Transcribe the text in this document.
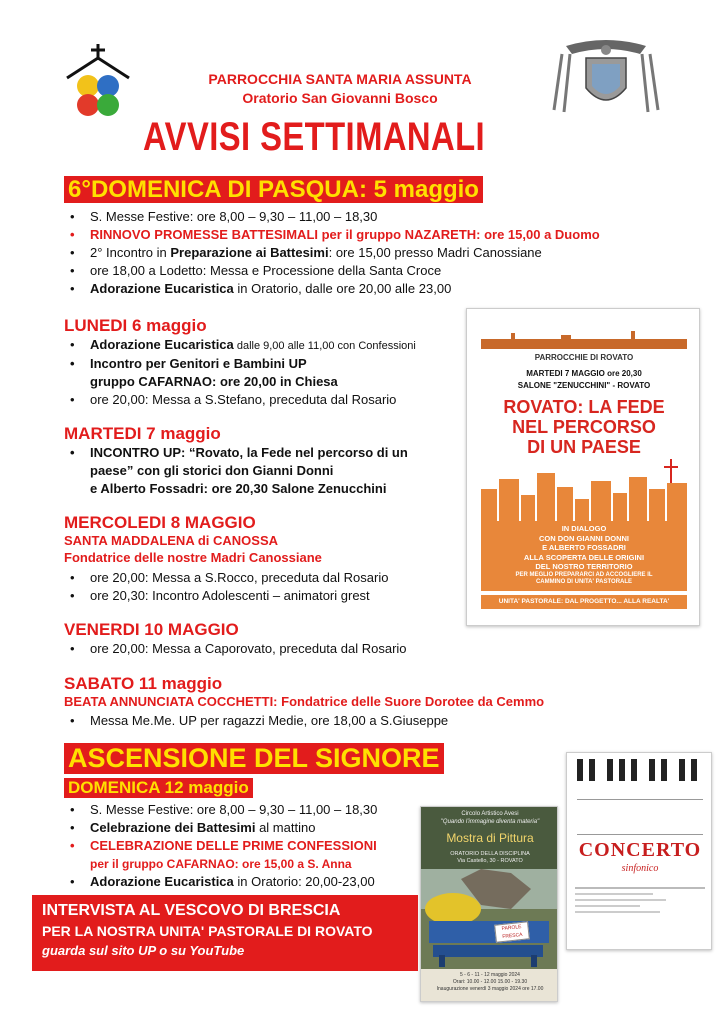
PARROCCHIA SANTA MARIA ASSUNTA
Oratorio San Giovanni Bosco
AVVISI SETTIMANALI
6°DOMENICA DI PASQUA: 5 maggio
• S. Messe Festive: ore 8,00 – 9,30 – 11,00 – 18,30
• RINNOVO PROMESSE BATTESIMALI per il gruppo NAZARETH: ore 15,00 a Duomo
• 2° Incontro in Preparazione ai Battesimi: ore 15,00 presso Madri Canossiane
• ore 18,00 a Lodetto: Messa e Processione della Santa Croce
• Adorazione Eucaristica in Oratorio, dalle ore 20,00 alle 23,00
LUNEDI 6 maggio
• Adorazione Eucaristica dalle 9,00 alle 11,00 con Confessioni
• Incontro per Genitori e Bambini UP
gruppo CAFARNAO: ore 20,00 in Chiesa
• ore 20,00: Messa a S.Stefano, preceduta dal Rosario
MARTEDI 7 maggio
• INCONTRO UP: “Rovato, la Fede nel percorso di un
paese” con gli storici don Gianni Donni
e Alberto Fossadri: ore 20,30 Salone Zenucchini
MERCOLEDI 8 MAGGIO
SANTA MADDALENA di CANOSSA
Fondatrice delle nostre Madri Canossiane
• ore 20,00: Messa a S.Rocco, preceduta dal Rosario
• ore 20,30: Incontro Adolescenti – animatori grest
VENERDI 10 MAGGIO
• ore 20,00: Messa a Caporovato, preceduta dal Rosario
SABATO 11 maggio
BEATA ANNUNCIATA COCCHETTI: Fondatrice delle Suore Dorotee da Cemmo
• Messa Me.Me. UP per ragazzi Medie, ore 18,00 a S.Giuseppe
ASCENSIONE DEL SIGNORE
DOMENICA 12 maggio
• S. Messe Festive: ore 8,00 – 9,30 – 11,00 – 18,30
• Celebrazione dei Battesimi al mattino
• CELEBRAZIONE DELLE PRIME CONFESSIONI
per il gruppo CAFARNAO: ore 15,00 a S. Anna
• Adorazione Eucaristica in Oratorio: 20,00-23,00
INTERVISTA AL VESCOVO DI BRESCIA
PER LA NOSTRA UNITA' PASTORALE DI ROVATO
guarda sul sito UP o su YouTube
PARROCCHIE DI ROVATO
MARTEDI 7 MAGGIO ore 20,30
SALONE "ZENUCCHINI" - ROVATO
ROVATO: LA FEDE
NEL PERCORSO
DI UN PAESE
IN DIALOGO
CON DON GIANNI DONNI
E ALBERTO FOSSADRI
ALLA SCOPERTA DELLE ORIGINI
DEL NOSTRO TERRITORIO
PER MEGLIO PREPARARCI AD ACCOGLIERE IL
CAMMINO DI UNITA' PASTORALE
UNITA' PASTORALE: DAL PROGETTO... ALLA REALTA'
CONCERTO
sinfonico
Circolo Artistico Avesi
"Quando l'immagine diventa materia"
Mostra di Pittura
ORATORIO DELLA DISCIPLINA
Via Castello, 30 - ROVATO
PAROLE
FRESCA
5 - 6 - 11 - 12 maggio 2024
Orari: 10.00 - 12.00 15.00 - 19.30
Inaugurazione venerdì 3 maggio 2024 ore 17.00
